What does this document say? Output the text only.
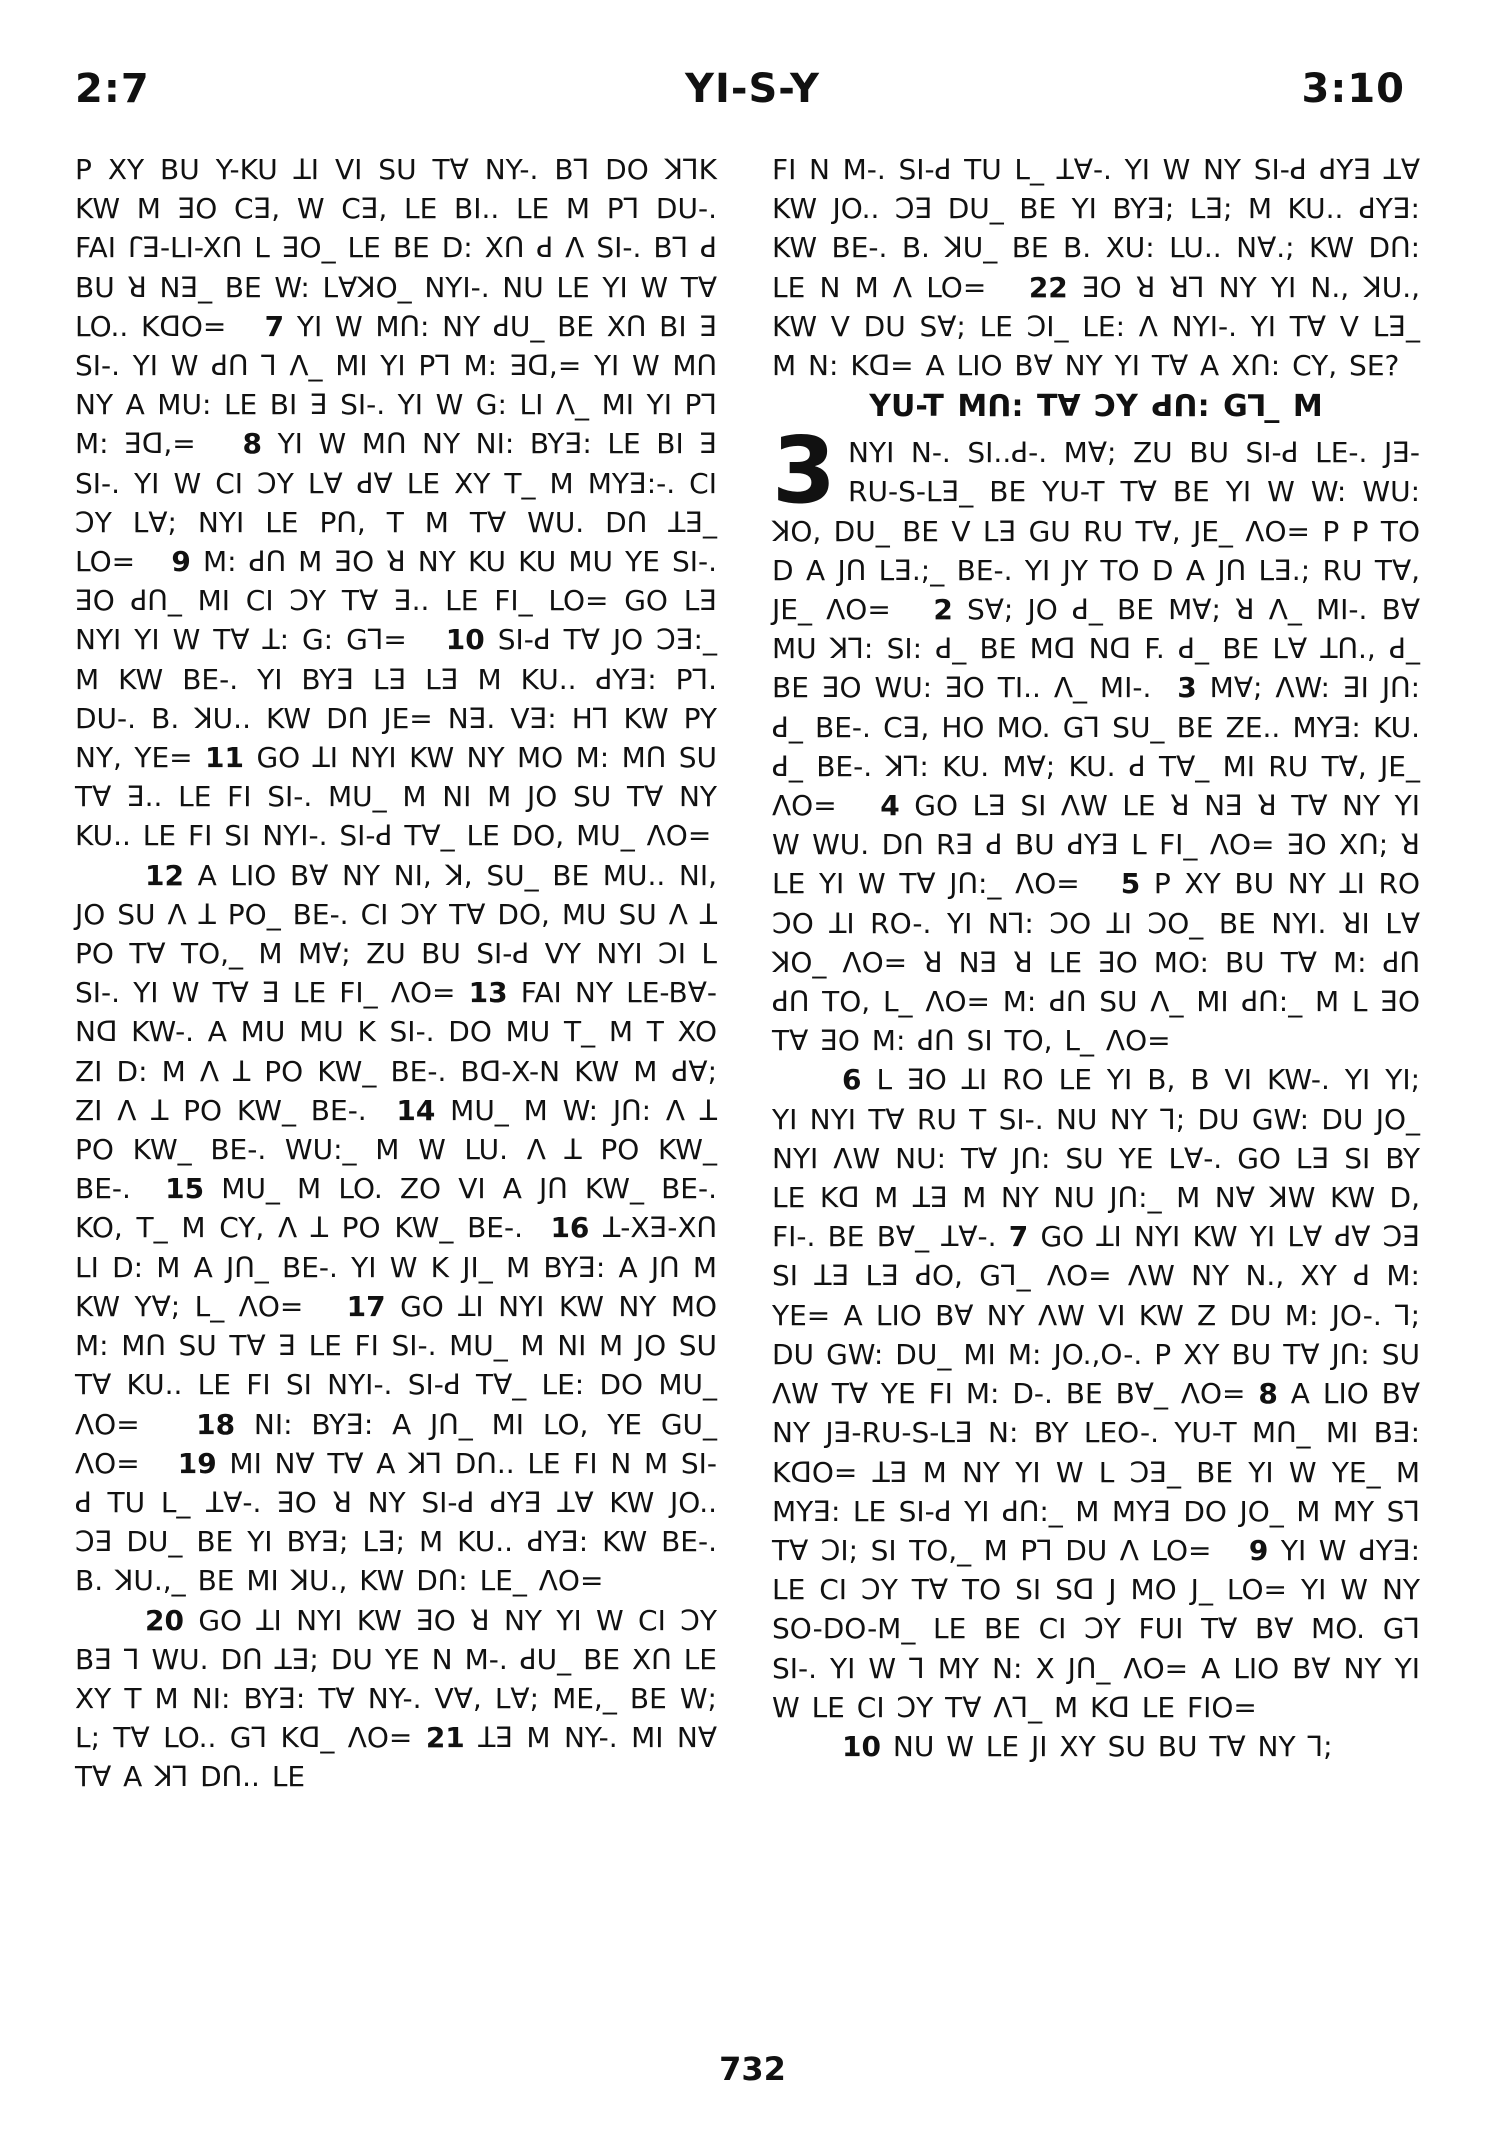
2:7	YI-S-Y	3:10

P XY BU Y-KU ꓕI VI SU Tꓯ NY-. Bꓶ DO ꓘꓶK KW M ꓱO Cꓱ, W Cꓱ, LE BI.. LE M Pꓶ DU-. FAI ꓩꓱ-LI-Xꓵ L ꓱO_ LE BE D: Xꓵ ꓒ Ʌ SI-. Bꓶ ꓒ BU ꓤ Nꓱ_ BE W: LꓯꓘO_ NYI-. NU LE YI W Tꓯ LO.. KꓷO= 7 YI W Mꓵ: NY ꓒU_ BE Xꓵ BI ꓱ SI-. YI W ꓒꓵ ꓶ Ʌ_ MI YI Pꓶ M: ꓱꓷ,= YI W Mꓵ NY A MU: LE BI ꓱ SI-. YI W G: LI Ʌ_ MI YI Pꓶ M: ꓱꓷ,= 8 YI W Mꓵ NY NI: BYꓱ: LE BI ꓱ SI-. YI W CI ꓛY Lꓯ ꓒꓯ LE XY T_ M MYꓱ:-. CI ꓛY Lꓯ; NYI LE Pꓵ, T M Tꓯ WU. Dꓵ ꓕꓱ_ LO= 9 M: ꓒꓵ M ꓱO ꓤ NY KU KU MU YE SI-. ꓱO ꓒꓵ_ MI CI ꓛY Tꓯ ꓱ.. LE FI_ LO= GO Lꓱ NYI YI W Tꓯ ꓕ: G: Gꓶ= 10 SI-ꓒ Tꓯ JO ꓛꓱ:_ M KW BE-. YI BYꓱ Lꓱ Lꓱ M KU.. ꓒYꓱ: Pꓶ. DU-. B. ꓘU.. KW Dꓵ JE= Nꓱ. Vꓱ: Hꓶ KW PY NY, YE= 11 GO ꓕI NYI KW NY MO M: Mꓵ SU Tꓯ ꓱ.. LE FI SI-. MU_ M NI M JO SU Tꓯ NY KU.. LE FI SI NYI-. SI-ꓒ Tꓯ_ LE DO, MU_ ɅO=

12 A LIO Bꓯ NY NI, ꓘ, SU_ BE MU.. NI, JO SU Ʌ ꓕ PO_ BE-. CI ꓛY Tꓯ DO, MU SU Ʌ ꓕ PO Tꓯ TO,_ M Mꓯ; ZU BU SI-ꓒ VY NYI ꓛI Ⅼ SI-. YI W Tꓯ ꓱ LE FI_ ɅO= 13 FAI NY LE-Bꓯ-Nꓷ KW-. A MU MU K SI-. DO MU T_ M T XO ZI D: M Ʌ ꓕ PO KW_ BE-. Bꓷ-X-N KW M ꓒꓯ; ZI Ʌ ꓕ PO KW_ BE-. 14 MU_ M W: Jꓵ: Ʌ ꓕ PO KW_ BE-. WU:_ M W LU. Ʌ ꓕ PO KW_ BE-. 15 MU_ M LO. ZO VI A Jꓵ KW_ BE-. KO, T_ M CY, Ʌ ꓕ PO KW_ BE-. 16 ꓕ-Xꓱ-Xꓵ LI D: M A Jꓵ_ BE-. YI W K JI_ M BYꓱ: A Jꓵ M KW Yꓯ; L_ ɅO= 17 GO ꓕI NYI KW NY MO M: Mꓵ SU Tꓯ ꓱ LE FI SI-. MU_ M NI M JO SU Tꓯ KU.. LE FI SI NYI-. SI-ꓒ Tꓯ_ LE: DO MU_ ɅO= 18 NI: BYꓱ: A Jꓵ_ MI LO, YE GU_ ɅO= 19 MI Nꓯ Tꓯ A ꓘꓶ Dꓵ.. LE FI N M SI-ꓒ TU L_ ꓕꓯ-. ꓱO ꓤ NY SI-ꓒ ꓒYꓱ ꓕꓯ KW JO.. ꓛꓱ DU_ BE YI BYꓱ; Lꓱ; M KU.. ꓒYꓱ: KW BE-. B. ꓘU.,_ BE MI ꓘU., KW Dꓵ: LE_ ɅO=

20 GO ꓕI NYI KW ꓱO ꓤ NY YI W CI ꓛY Bꓱ ꓶ WU. Dꓵ ꓕꓱ; DU YE N M-. ꓒU_ BE Xꓵ LE XY T M NI: BYꓱ: Tꓯ NY-. Vꓯ, Lꓯ; ME,_ BE W; L; Tꓯ LO.. Gꓶ Kꓷ_ ɅO= 21 ꓕꓱ M NY-. MI Nꓯ Tꓯ A ꓘꓶ Dꓵ.. LE

FI N M-. SI-ꓒ TU L_ ꓕꓯ-. YI W NY SI-ꓒ ꓒYꓱ ꓕꓯ KW JO.. ꓛꓱ DU_ BE YI BYꓱ; Lꓱ; M KU.. ꓒYꓱ: KW BE-. B. ꓘU_ BE B. XU: LU.. Nꓯ.; KW Dꓵ: LE N M Ʌ LO= 22 ꓱO ꓤ ꓤꓶ NY YI N., ꓘU., KW V DU Sꓯ; LE ꓛI_ LE: Ʌ NYI-. YI Tꓯ V Lꓱ_ M N: Kꓷ= A LIO Bꓯ NY YI Tꓯ A Xꓵ: CY, SE?

YU-T Mꓵ: Tꓯ ꓛY ꓒꓵ: Gꓶ_ M

3 NYI N-. SI..ꓒ-. Mꓯ; ZU BU SI-ꓒ LE-. Jꓱ-RU-S-Lꓱ_ BE YU-T Tꓯ BE YI W W: WU: ꓘO, DU_ BE V Lꓱ GU RU Tꓯ, JE_ ɅO= P P TO D A Jꓵ Lꓱ.;_ BE-. YI JY TO D A Jꓵ Lꓱ.; RU Tꓯ, JE_ ɅO= 2 Sꓯ; JO ꓒ_ BE Mꓯ; ꓤ Ʌ_ MI-. Bꓯ MU ꓘꓶ: SI: ꓒ_ BE Mꓷ Nꓷ F. ꓒ_ BE Lꓯ ꓕꓵ., ꓒ_ BE ꓱO WU: ꓱO TI.. Ʌ_ MI-. 3 Mꓯ; ɅW: ꓱI Jꓵ: ꓒ_ BE-. Cꓱ, HO MO. Gꓶ SU_ BE ZE.. MYꓱ: KU. ꓒ_ BE-. ꓘꓶ: KU. Mꓯ; KU. ꓒ Tꓯ_ MI RU Tꓯ, JE_ ɅO= 4 GO Lꓱ SI ɅW LE ꓤ Nꓱ ꓤ Tꓯ NY YI W WU. Dꓵ Rꓱ ꓒ BU ꓒYꓱ L FI_ ɅO= ꓱO Xꓵ; ꓤ LE YI W Tꓯ Jꓵ:_ ɅO= 5 P XY BU NY ꓕI RO ꓛO ꓕI RO-. YI Nꓶ: ꓛO ꓕI ꓛO_ BE NYI. ꓤI Lꓯ ꓘO_ ɅO= ꓤ Nꓱ ꓤ LE ꓱO MO: BU Tꓯ M: ꓒꓵ ꓒꓵ TO, L_ ɅO= M: ꓒꓵ SU Ʌ_ MI ꓒꓵ:_ M L ꓱO Tꓯ ꓱO M: ꓒꓵ SI TO, L_ ɅO=

6 L ꓱO ꓕI RO LE YI B, B VI KW-. YI YI; YI NYI Tꓯ RU T SI-. NU NY ꓶ; DU GW: DU JO_ NYI ɅW NU: Tꓯ Jꓵ: SU YE Lꓯ-. GO Lꓱ SI BY LE Kꓷ M ꓕꓱ M NY NU Jꓵ:_ M Nꓯ ꓘW KW D, FI-. BE Bꓯ_ ꓕꓯ-. 7 GO ꓕI NYI KW YI Lꓯ ꓒꓯ ꓛꓱ SI ꓕꓱ Lꓱ ꓒO, Gꓶ_ ɅO= ɅW NY N., XY ꓒ M: YE= A LIO Bꓯ NY ɅW VI KW Z DU M: JO-. ꓶ; DU GW: DU_ MI M: JO.,O-. P XY BU Tꓯ Jꓵ: SU ɅW Tꓯ YE FI M: D-. BE Bꓯ_ ɅO= 8 A LIO Bꓯ NY Jꓱ-RU-S-Lꓱ N: BY LEO-. YU-T Mꓵ_ MI Bꓱ: KꓷO= ꓕꓱ M NY YI W L ꓛꓱ_ BE YI W YE_ M MYꓱ: LE SI-ꓒ YI ꓒꓵ:_ M MYꓱ DO JO_ M MY Sꓶ Tꓯ ꓛI; SI TO,_ M Pꓶ DU Ʌ LO= 9 YI W ꓒYꓱ: LE CI ꓛY Tꓯ TO SI Sꓷ J MO J_ LO= YI W NY SO-DO-M_ LE BE CI ꓛY FUI Tꓯ Bꓯ MO. Gꓶ SI-. YI W ꓶ MY N: X Jꓵ_ ɅO= A LIO Bꓯ NY YI W LE CI ꓛY Tꓯ Ʌꓶ_ M Kꓷ LE FIO=

10 NU W LE JI XY SU BU Tꓯ NY ꓶ;

732
